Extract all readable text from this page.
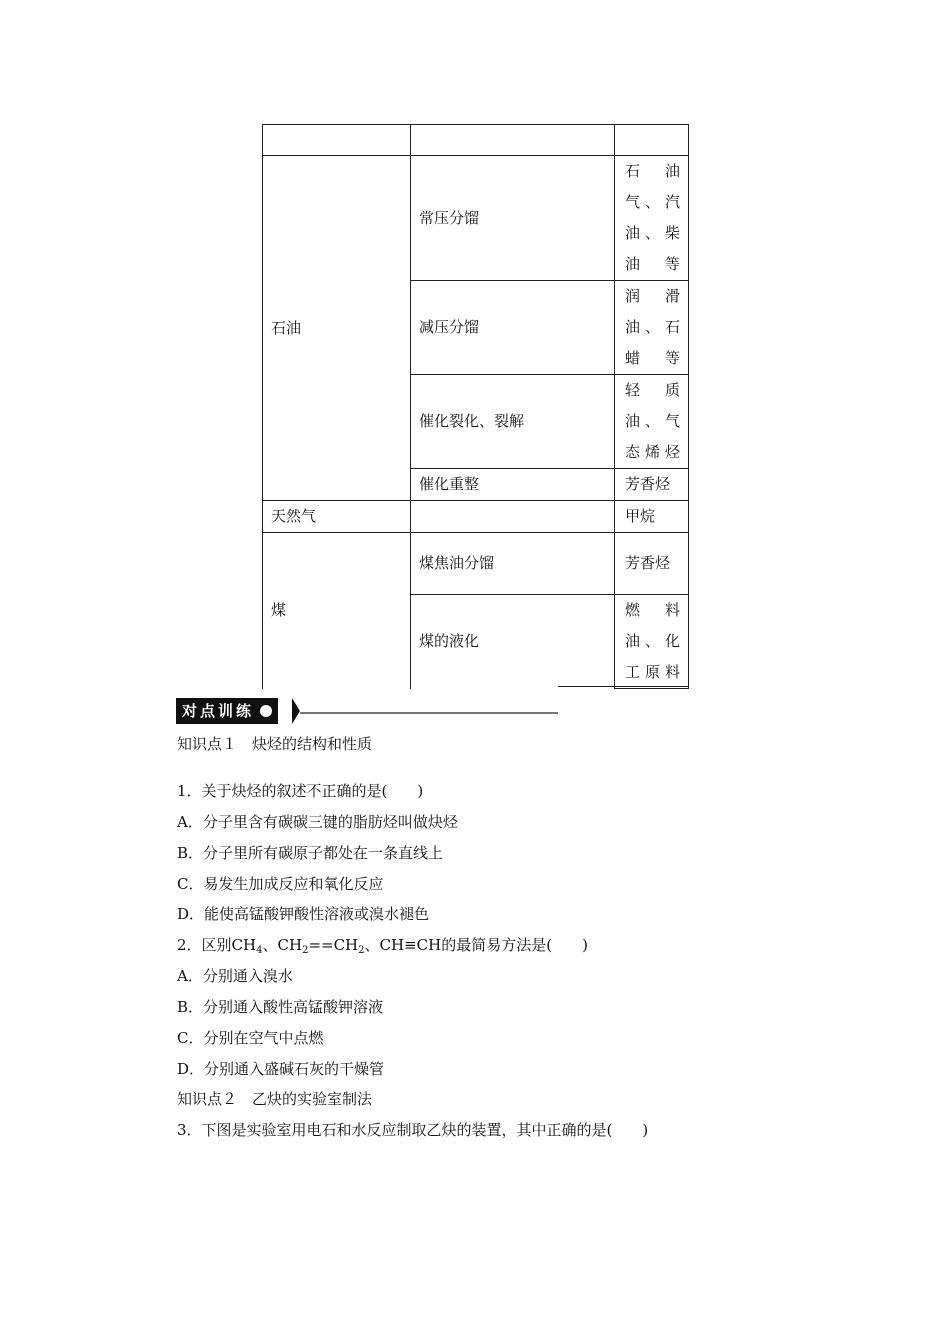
石油	常压分馏	石油气、汽油、柴油等
	减压分馏	润滑油、石蜡等
	催化裂化、裂解	轻质油、气态烯烃
	催化重整	芳香烃
天然气		甲烷
煤	煤焦油分馏	芳香烃
	煤的液化	燃料油、化工原料
对点训练
知识点１　炔烃的结构和性质
1．关于炔烃的叙述不正确的是(　　)
A．分子里含有碳碳三键的脂肪烃叫做炔烃
B．分子里所有碳原子都处在一条直线上
C．易发生加成反应和氧化反应
D．能使高锰酸钾酸性溶液或溴水褪色
2．区别$CH_4$、$CH_2==CH_2$、CH≡CH的最简易方法是(　　)
A．分别通入溴水
B．分别通入酸性高锰酸钾溶液
C．分别在空气中点燃
D．分别通入盛碱石灰的干燥管
知识点２　乙炔的实验室制法
3．下图是实验室用电石和水反应制取乙炔的装置，其中正确的是(　　)
